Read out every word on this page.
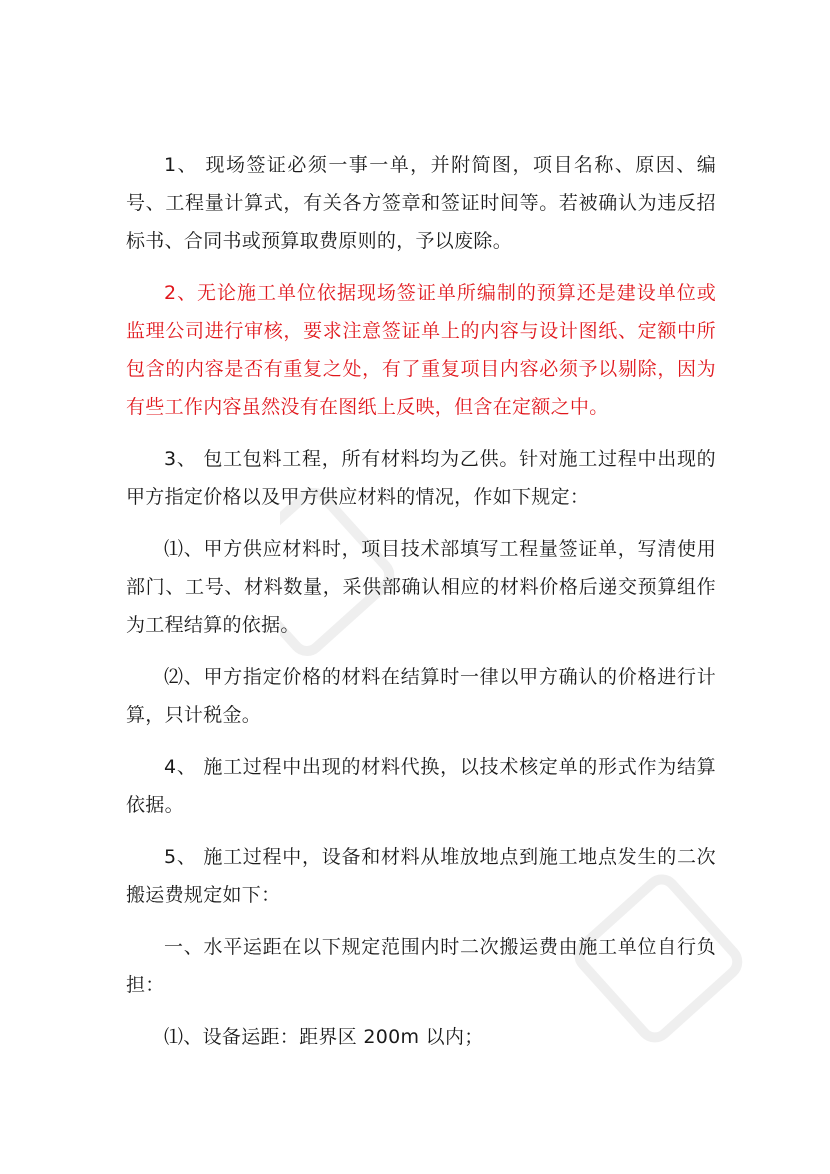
1、 现场签证必须一事一单，并附简图，项目名称、原因、编号、工程量计算式，有关各方签章和签证时间等。若被确认为违反招标书、合同书或预算取费原则的，予以废除。

2、无论施工单位依据现场签证单所编制的预算还是建设单位或监理公司进行审核，要求注意签证单上的内容与设计图纸、定额中所包含的内容是否有重复之处，有了重复项目内容必须予以剔除，因为有些工作内容虽然没有在图纸上反映，但含在定额之中。

3、 包工包料工程，所有材料均为乙供。针对施工过程中出现的甲方指定价格以及甲方供应材料的情况，作如下规定：

⑴、甲方供应材料时，项目技术部填写工程量签证单，写清使用部门、工号、材料数量，采供部确认相应的材料价格后递交预算组作为工程结算的依据。

⑵、甲方指定价格的材料在结算时一律以甲方确认的价格进行计算，只计税金。

4、 施工过程中出现的材料代换，以技术核定单的形式作为结算依据。

5、 施工过程中，设备和材料从堆放地点到施工地点发生的二次搬运费规定如下：

一、水平运距在以下规定范围内时二次搬运费由施工单位自行负担：

⑴、设备运距：距界区 200m 以内；
